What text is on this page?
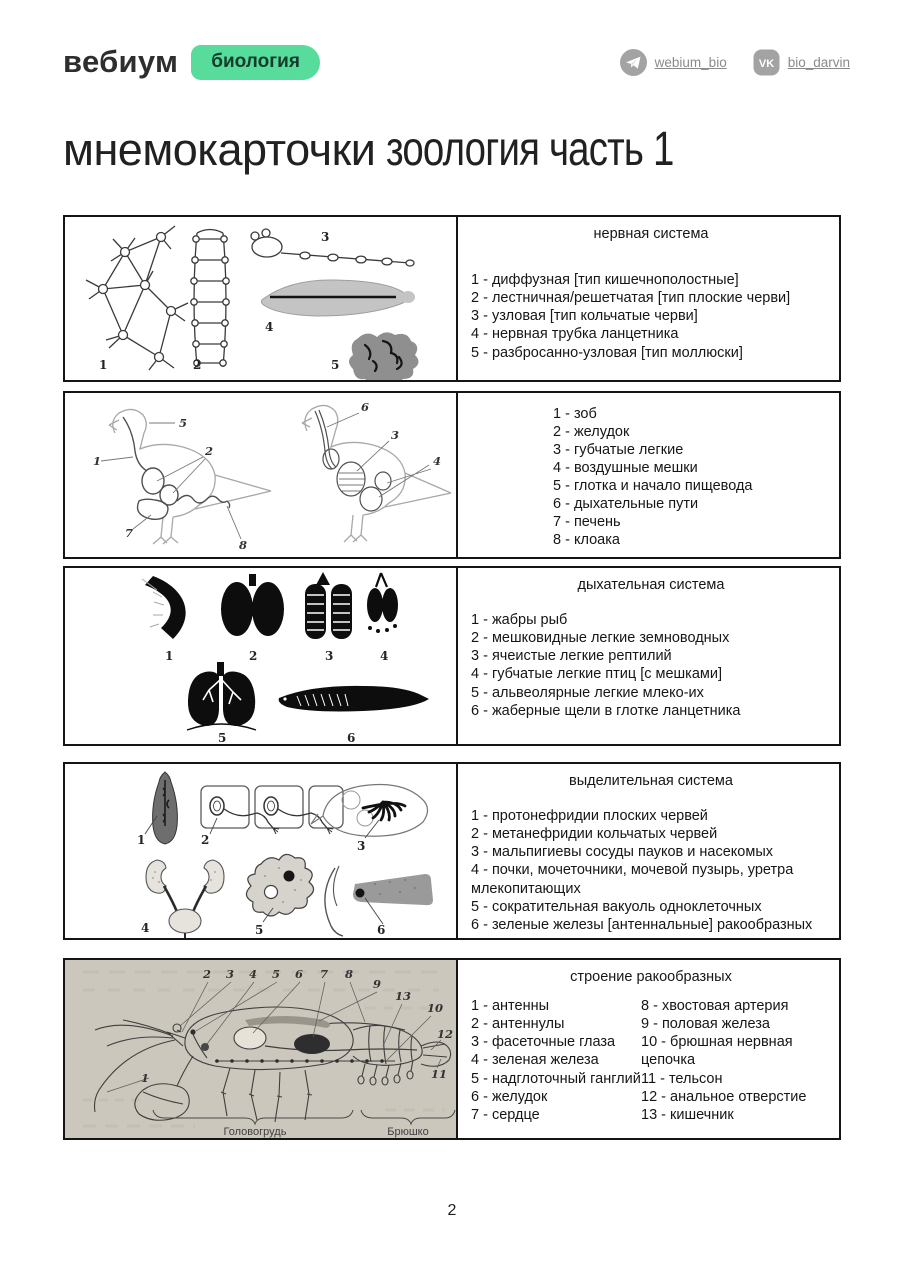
вебиум	биология	webium_bio	VK bio_darvin
мнемокарточки зоология часть 1
1	2
3
4
5
нервная система
1 - диффузная [тип кишечнополостные]
2 - лестничная/решетчатая [тип плоские черви]
3 - узловая [тип кольчатые черви]
4 - нервная трубка ланцетника
5 - разбросанно-узловая [тип моллюски]
5
1
2
7
8
6
3
4
1 - зоб
2 - желудок
3 - губчатые легкие
4 - воздушные мешки
5 - глотка и начало пищевода
6 - дыхательные пути
7 - печень
8 - клоака
1	2	3	4
5	6
дыхательная система
1 - жабры рыб
2 - мешковидные легкие земноводных
3 - ячеистые легкие рептилий
4 - губчатые легкие птиц [с мешками]
5 - альвеолярные легкие млеко-их
6 - жаберные щели в глотке ланцетника
1	2	3
4	5	6
выделительная система
1 - протонефридии плоских червей
2 - метанефридии кольчатых червей
3 - мальпигиевы сосуды пауков и насекомых
4 - почки, мочеточники, мочевой пузырь, уретра млекопитающих
5 - сократительная вакуоль одноклеточных
6 - зеленые железы [антеннальные] ракообразных
2 3 4 5 6 7 8
9
13
10
12
11
1
Головогрудь	Брюшко
строение ракообразных
1 - антенны
2 - антеннулы
3 - фасеточные глаза
4 - зеленая железа
5 - надглоточный ганглий
6 - желудок
7 - сердце
8 - хвостовая артерия
9 - половая железа
10 - брюшная нервная цепочка
11 - тельсон
12 - анальное отверстие
13 - кишечник
2
